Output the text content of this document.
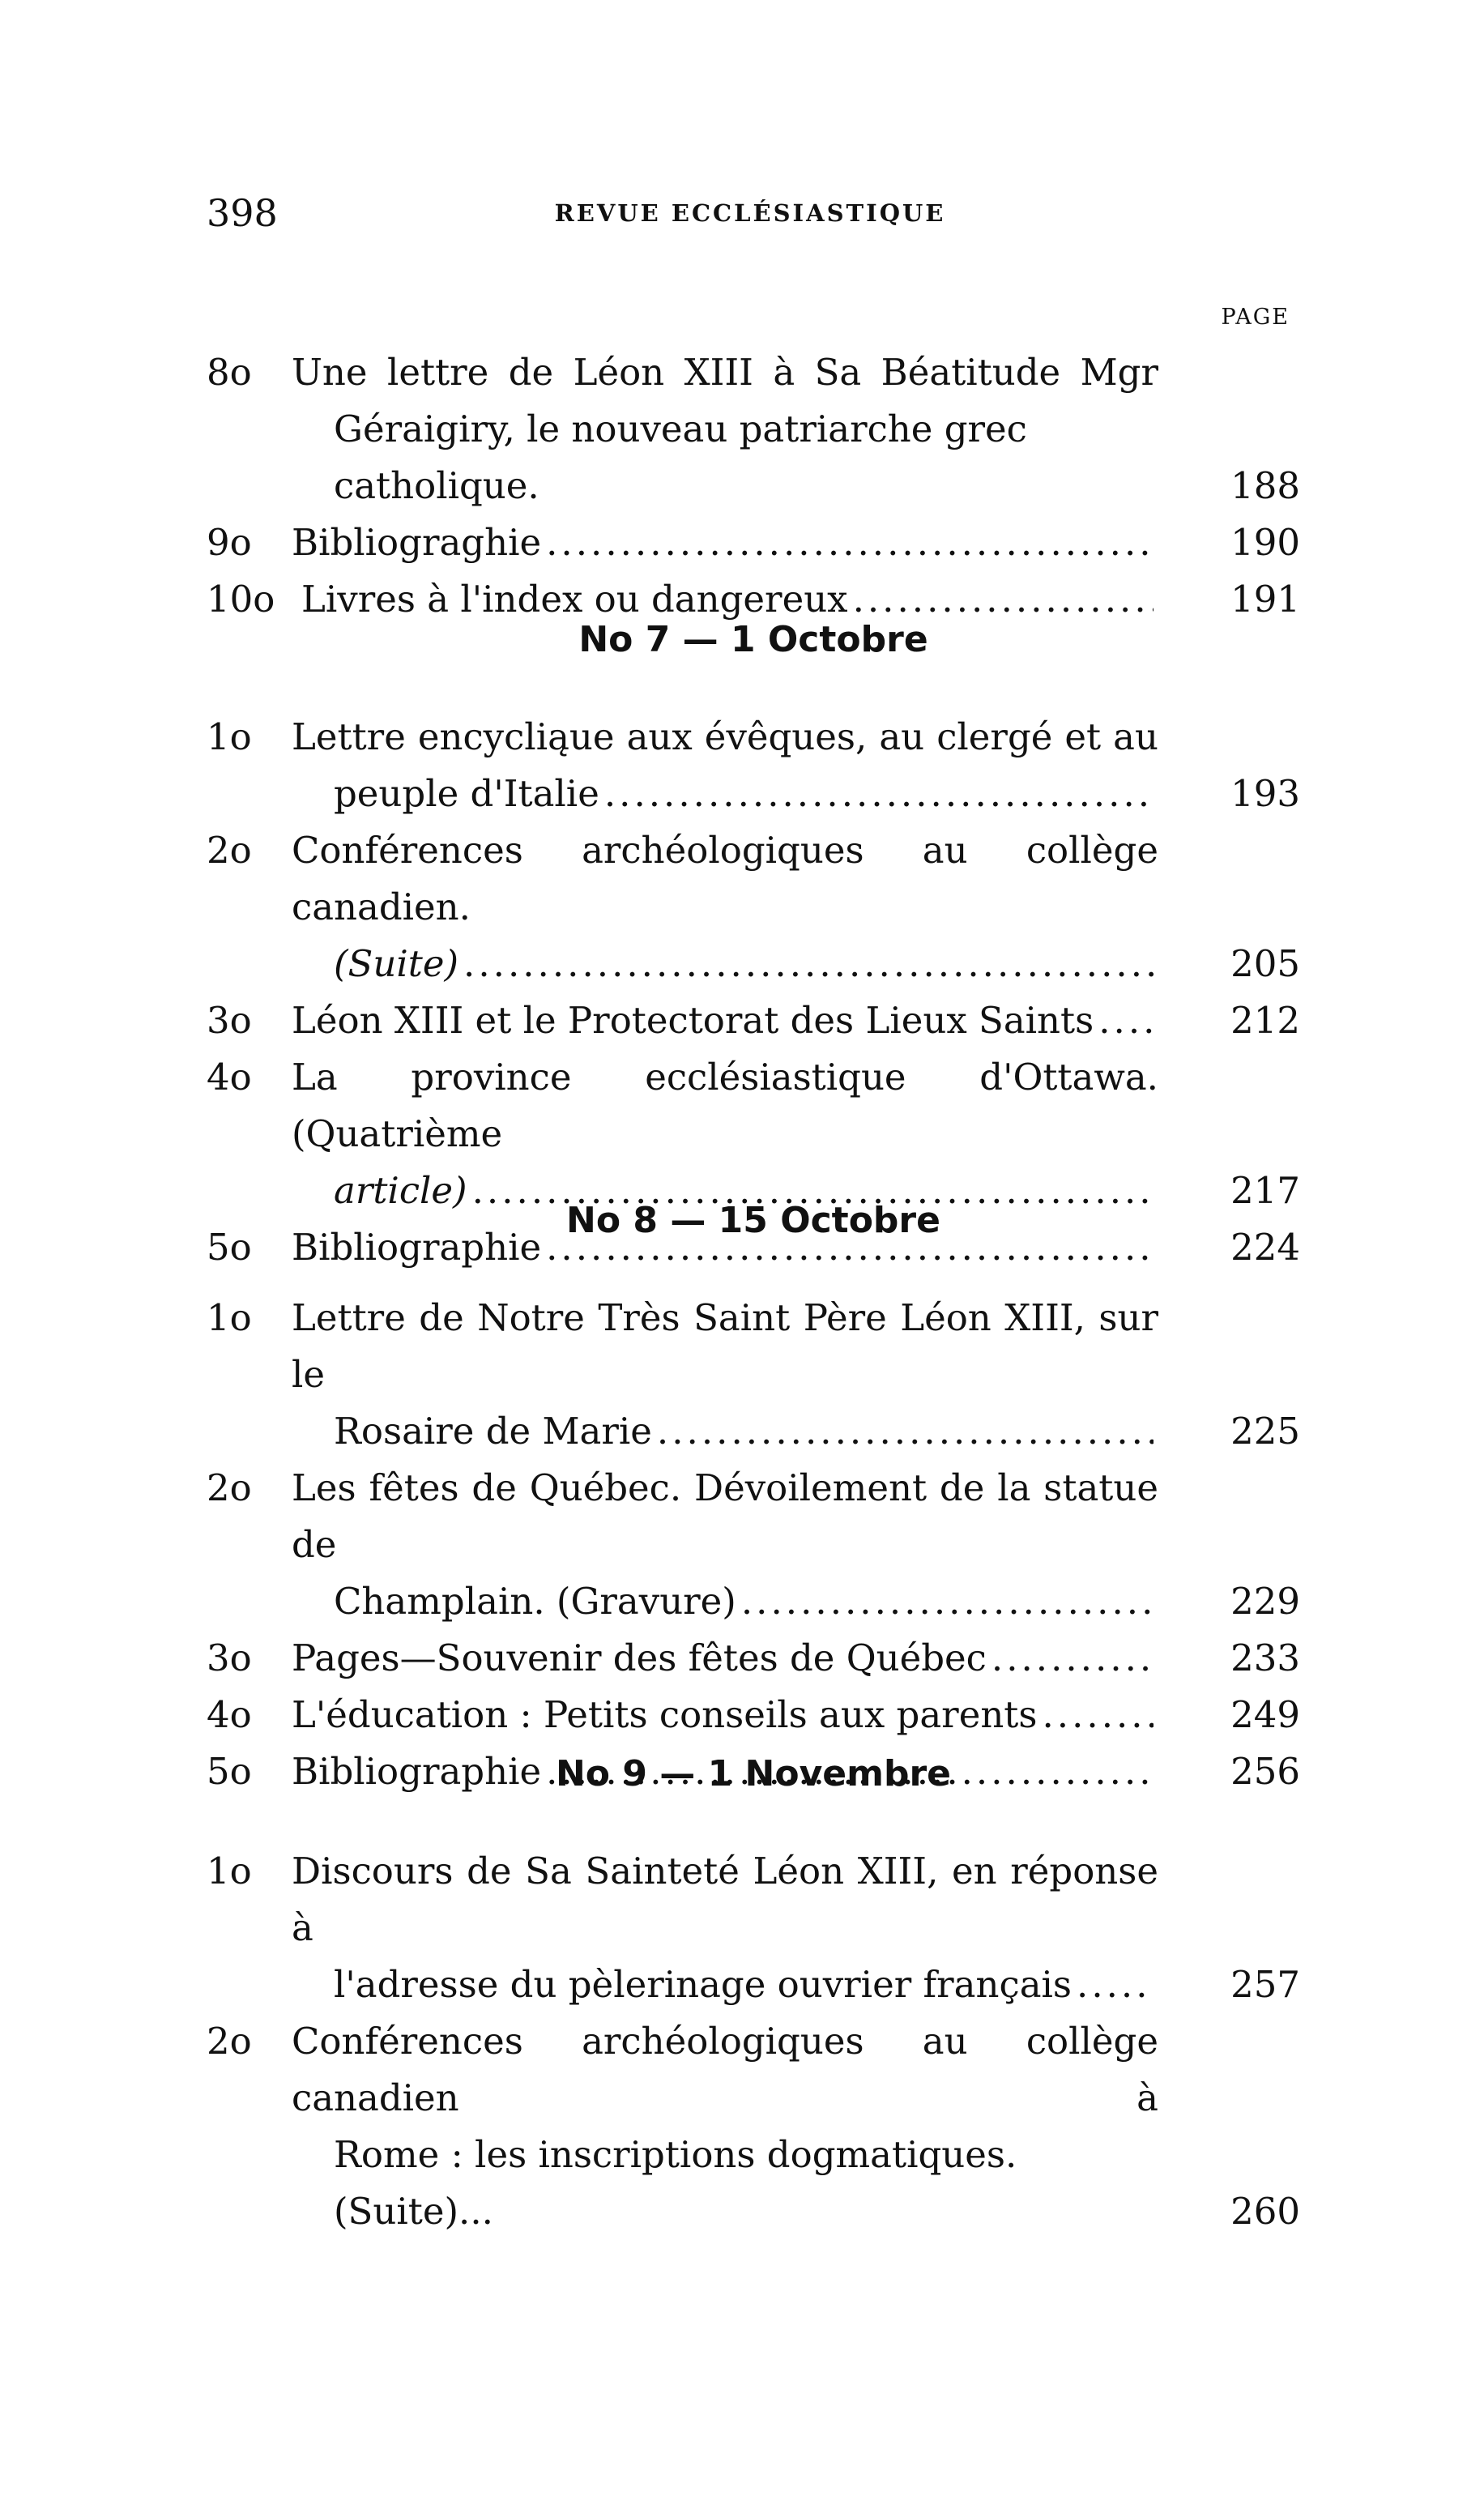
398	REVUE ECCLÉSIASTIQUE
PAGE
8o	Une lettre de Léon XIII à Sa Béatitude Mgr
Géraigiry, le nouveau patriarche grec catholique.	188
9o	Bibliograghie .....	190
10o Livres à l'index ou dangereux .....	191
No 7 — 1 Octobre
1o	Lettre encycliąue aux évêques, au clergé et au
peuple d'Italie .....	193
2o	Conférences archéologiques au collège canadien.
(Suite) .....	205
3o	Léon XIII et le Protectorat des Lieux Saints .....	212
4o	La province ecclésiastique d'Ottawa. (Quatrième
article) .....	217
5o	Bibliographie .....	224
No 8 — 15 Octobre
1o	Lettre de Notre Très Saint Père Léon XIII, sur le
Rosaire de Marie .....	225
2o	Les fêtes de Québec. Dévoilement de la statue de
Champlain. (Gravure) .....	229
3o	Pages—Souvenir des fêtes de Québec .....	233
4o	L'éducation : Petits conseils aux parents .....	249
5o	Bibliographie .....	256
No 9 — 1 Novembre
1o	Discours de Sa Sainteté Léon XIII, en réponse à
l'adresse du pèlerinage ouvrier français .....	257
2o	Conférences archéologiques au collège canadien à
Rome : les inscriptions dogmatiques. (Suite)...	260
